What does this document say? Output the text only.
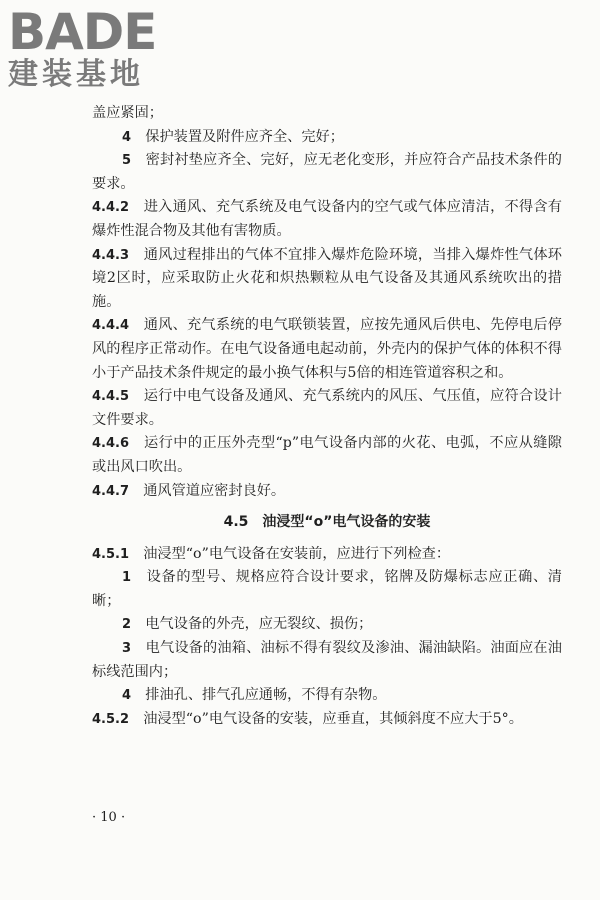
BADE
建装基地

盖应紧固；

4　 保护装置及附件应齐全、完好；

5　 密封衬垫应齐全、完好，应无老化变形，并应符合产品技术条件的要求。

4.4.2　 进入通风、充气系统及电气设备内的空气或气体应清洁，不得含有爆炸性混合物及其他有害物质。

4.4.3　 通风过程排出的气体不宜排入爆炸危险环境，当排入爆炸性气体环境2区时，应采取防止火花和炽热颗粒从电气设备及其通风系统吹出的措施。

4.4.4　 通风、充气系统的电气联锁装置，应按先通风后供电、先停电后停风的程序正常动作。在电气设备通电起动前，外壳内的保护气体的体积不得小于产品技术条件规定的最小换气体积与5倍的相连管道容积之和。

4.4.5　 运行中电气设备及通风、充气系统内的风压、气压值，应符合设计文件要求。

4.4.6　 运行中的正压外壳型“p”电气设备内部的火花、电弧，不应从缝隙或出风口吹出。

4.4.7　 通风管道应密封良好。

4.5　油浸型“o”电气设备的安装

4.5.1　 油浸型“o”电气设备在安装前，应进行下列检查：

1　 设备的型号、规格应符合设计要求，铭牌及防爆标志应正确、清晰；

2　 电气设备的外壳，应无裂纹、损伤；

3　 电气设备的油箱、油标不得有裂纹及渗油、漏油缺陷。油面应在油标线范围内；

4　 排油孔、排气孔应通畅，不得有杂物。

4.5.2　 油浸型“o”电气设备的安装，应垂直，其倾斜度不应大于5°。

· 10 ·
